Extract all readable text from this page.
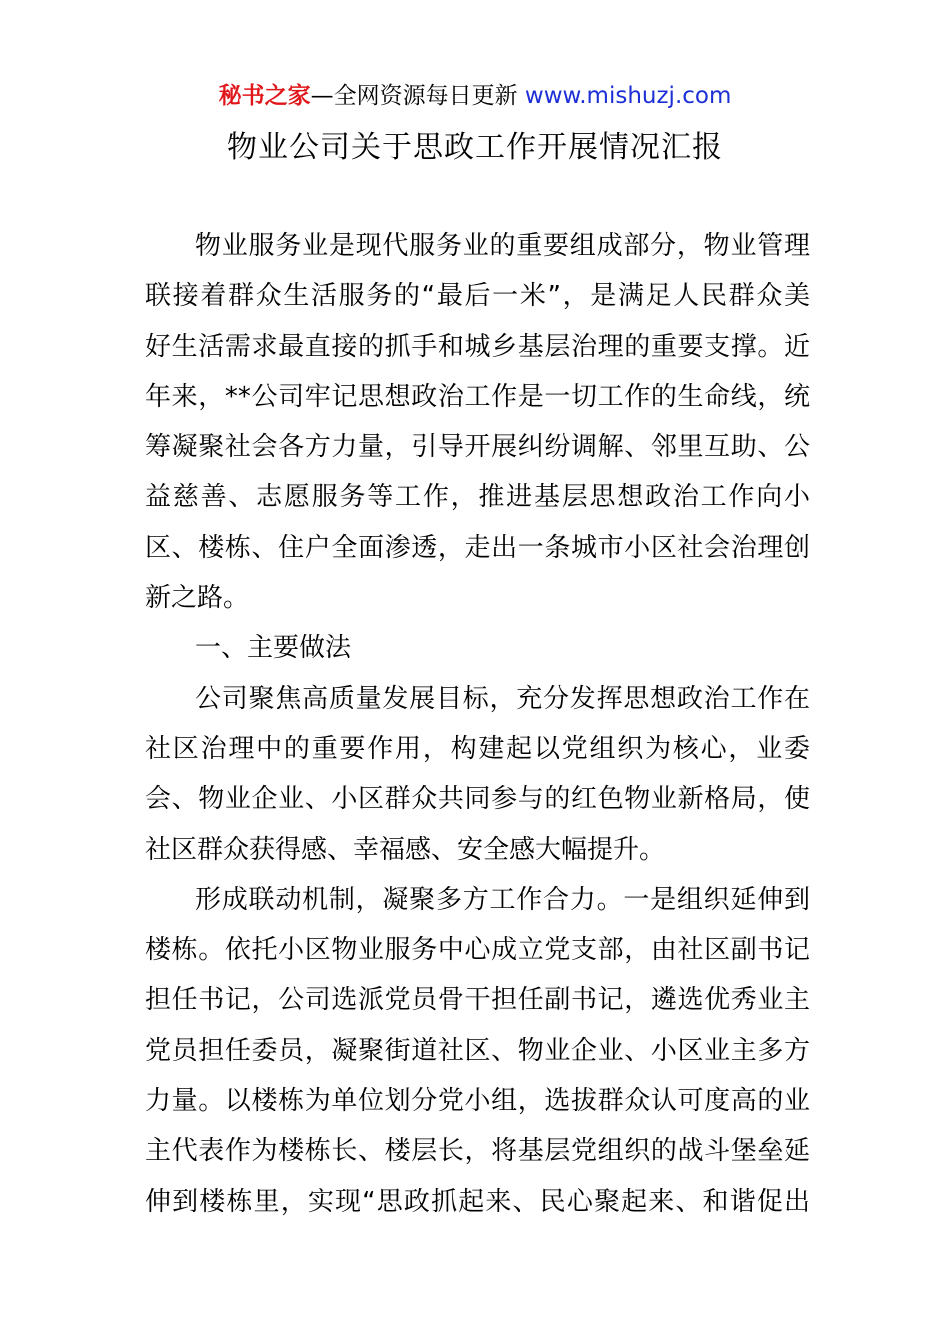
秘书之家—全网资源每日更新 www.mishuzj.com
物业公司关于思政工作开展情况汇报
物业服务业是现代服务业的重要组成部分，物业管理
联接着群众生活服务的“最后一米”，是满足人民群众美
好生活需求最直接的抓手和城乡基层治理的重要支撑。近
年来，**公司牢记思想政治工作是一切工作的生命线，统
筹凝聚社会各方力量，引导开展纠纷调解、邻里互助、公
益慈善、志愿服务等工作，推进基层思想政治工作向小
区、楼栋、住户全面渗透，走出一条城市小区社会治理创
新之路。
一、主要做法
公司聚焦高质量发展目标，充分发挥思想政治工作在
社区治理中的重要作用，构建起以党组织为核心，业委
会、物业企业、小区群众共同参与的红色物业新格局，使
社区群众获得感、幸福感、安全感大幅提升。
形成联动机制，凝聚多方工作合力。一是组织延伸到
楼栋。依托小区物业服务中心成立党支部，由社区副书记
担任书记，公司选派党员骨干担任副书记，遴选优秀业主
党员担任委员，凝聚街道社区、物业企业、小区业主多方
力量。以楼栋为单位划分党小组，选拔群众认可度高的业
主代表作为楼栋长、楼层长，将基层党组织的战斗堡垒延
伸到楼栋里，实现“思政抓起来、民心聚起来、和谐促出
